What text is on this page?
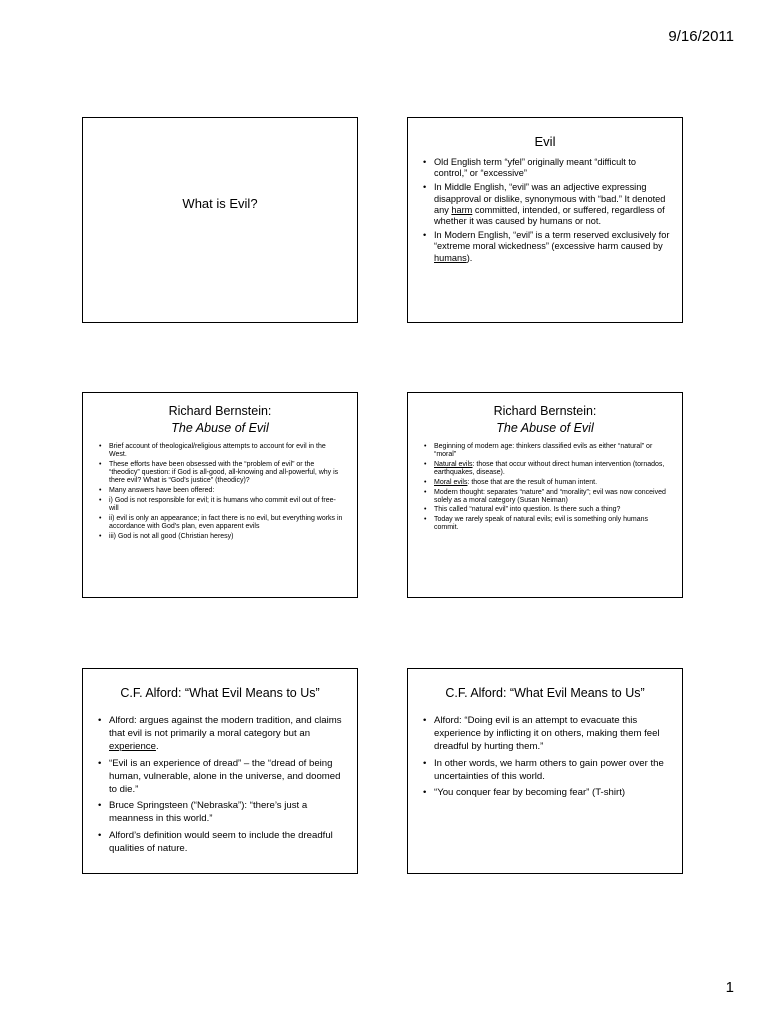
9/16/2011
What is Evil?
Evil
• Old English term “yfel” originally meant “difficult to control,” or “excessive”
• In Middle English, “evil” was an adjective expressing disapproval or dislike, synonymous with “bad.” It denoted any harm committed, intended, or suffered, regardless of whether it was caused by humans or not.
• In Modern English, “evil” is a term reserved exclusively for “extreme moral wickedness” (excessive harm caused by humans).
Richard Bernstein:
The Abuse of Evil
• Brief account of theological/religious attempts to account for evil in the West.
• These efforts have been obsessed with the “problem of evil” or the “theodicy” question: if God is all-good, all-knowing and all-powerful, why is there evil? What is “God’s justice” (theodicy)?
• Many answers have been offered:
• i) God is not responsible for evil; it is humans who commit evil out of free-will
• ii) evil is only an appearance; in fact there is no evil, but everything works in accordance with God’s plan, even apparent evils
• iii) God is not all good (Christian heresy)
Richard Bernstein:
The Abuse of Evil
• Beginning of modern age: thinkers classified evils as either “natural” or “moral”
• Natural evils: those that occur without direct human intervention (tornados, earthquakes, disease).
• Moral evils: those that are the result of human intent.
• Modern thought: separates “nature” and “morality”; evil was now conceived solely as a moral category (Susan Neiman)
• This called “natural evil” into question. Is there such a thing?
• Today we rarely speak of natural evils; evil is something only humans commit.
C.F. Alford: “What Evil Means to Us”
• Alford: argues against the modern tradition, and claims that evil is not primarily a moral category but an experience.
• “Evil is an experience of dread” – the “dread of being human, vulnerable, alone in the universe, and doomed to die.”
• Bruce Springsteen (“Nebraska”): “there’s just a meanness in this world.”
• Alford’s definition would seem to include the dreadful qualities of nature.
C.F. Alford: “What Evil Means to Us”
• Alford: “Doing evil is an attempt to evacuate this experience by inflicting it on others, making them feel dreadful by hurting them.”
• In other words, we harm others to gain power over the uncertainties of this world.
• “You conquer fear by becoming fear” (T-shirt)
1
